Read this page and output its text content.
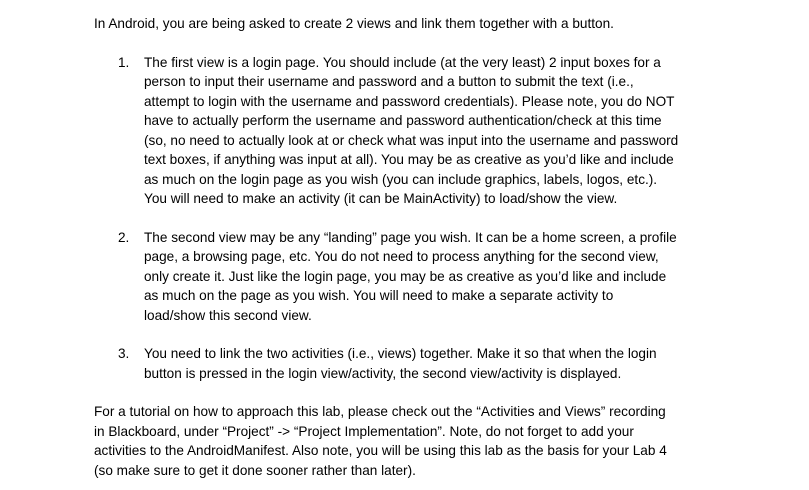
In Android, you are being asked to create 2 views and link them together with a button.

1. The first view is a login page. You should include (at the very least) 2 input boxes for a
person to input their username and password and a button to submit the text (i.e.,
attempt to login with the username and password credentials). Please note, you do NOT
have to actually perform the username and password authentication/check at this time
(so, no need to actually look at or check what was input into the username and password
text boxes, if anything was input at all). You may be as creative as you’d like and include
as much on the login page as you wish (you can include graphics, labels, logos, etc.).
You will need to make an activity (it can be MainActivity) to load/show the view.
2. The second view may be any “landing” page you wish. It can be a home screen, a profile
page, a browsing page, etc. You do not need to process anything for the second view,
only create it. Just like the login page, you may be as creative as you’d like and include
as much on the page as you wish. You will need to make a separate activity to
load/show this second view.
3. You need to link the two activities (i.e., views) together. Make it so that when the login
button is pressed in the login view/activity, the second view/activity is displayed.

For a tutorial on how to approach this lab, please check out the “Activities and Views” recording
in Blackboard, under “Project” -> “Project Implementation”. Note, do not forget to add your
activities to the AndroidManifest. Also note, you will be using this lab as the basis for your Lab 4
(so make sure to get it done sooner rather than later).
